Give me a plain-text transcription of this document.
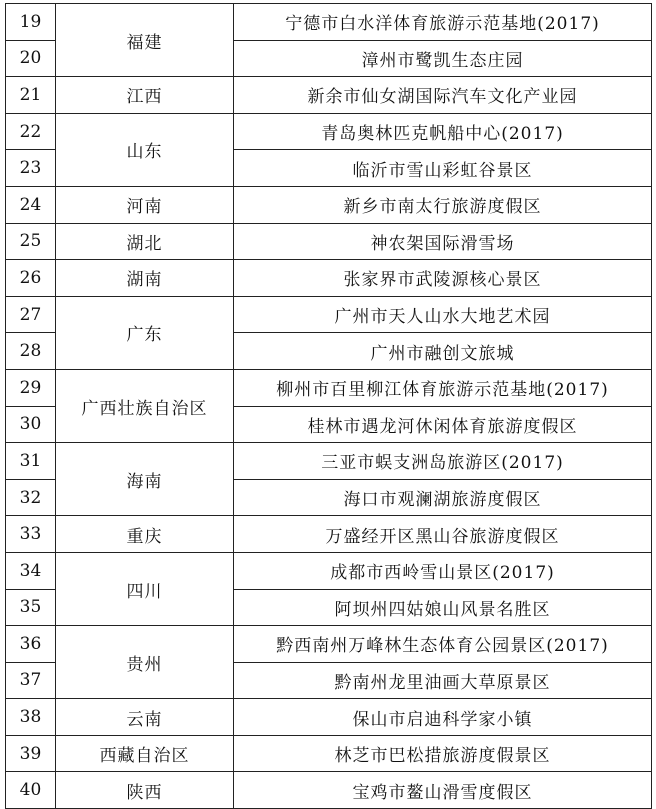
19	福建	宁德市白水洋体育旅游示范基地(2017)
20		漳州市鹭凯生态庄园
21	江西	新余市仙女湖国际汽车文化产业园
22	山东	青岛奥林匹克帆船中心(2017)
23		临沂市雪山彩虹谷景区
24	河南	新乡市南太行旅游度假区
25	湖北	神农架国际滑雪场
26	湖南	张家界市武陵源核心景区
27	广东	广州市天人山水大地艺术园
28		广州市融创文旅城
29	广西壮族自治区	柳州市百里柳江体育旅游示范基地(2017)
30		桂林市遇龙河休闲体育旅游度假区
31	海南	三亚市蜈支洲岛旅游区(2017)
32		海口市观澜湖旅游度假区
33	重庆	万盛经开区黑山谷旅游度假区
34	四川	成都市西岭雪山景区(2017)
35		阿坝州四姑娘山风景名胜区
36	贵州	黔西南州万峰林生态体育公园景区(2017)
37		黔南州龙里油画大草原景区
38	云南	保山市启迪科学家小镇
39	西藏自治区	林芝市巴松措旅游度假景区
40	陕西	宝鸡市鳌山滑雪度假区
